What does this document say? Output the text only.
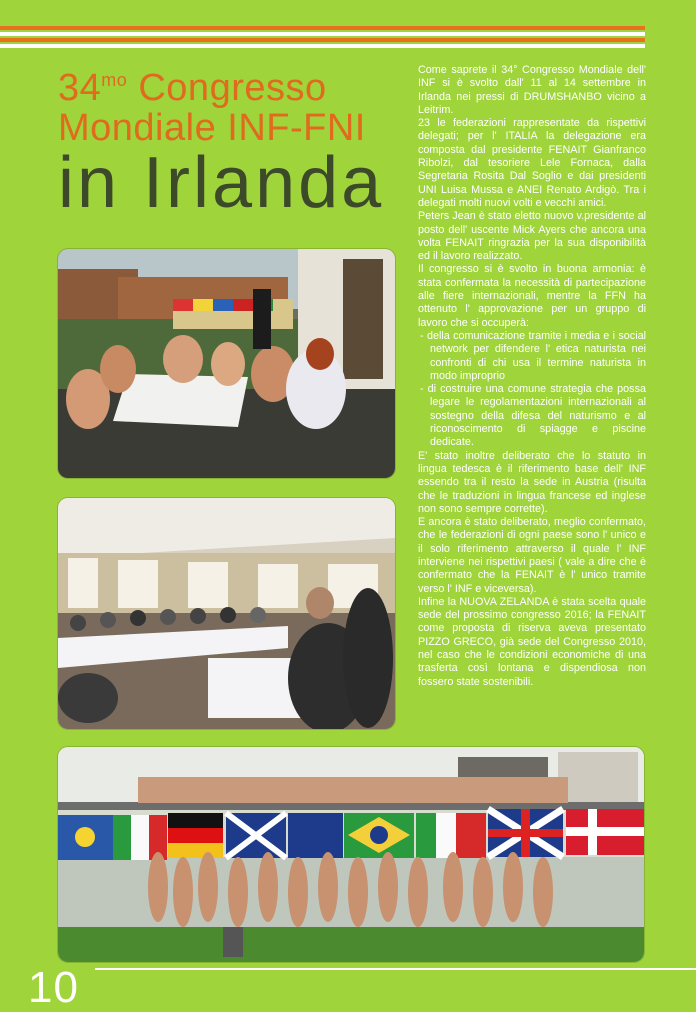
$34^{mo}$ Congresso
Mondiale INF-FNI
in Irlanda

Come saprete il 34° Congresso Mondiale dell' INF si è svolto dall' 11 al 14 settembre in Irlanda nei pressi di DRUMSHANBO vicino a Leitrim.

23 le federazioni rappresentate da rispettivi delegati; per l' ITALIA la delegazione era composta dal presidente FENAIT Gianfranco Ribolzi, dal tesoriere Lele Fornaca, dalla Segretaria Rosita Dal Soglio e dai presidenti UNI Luisa Mussa e ANEI Renato Ardigò. Tra i delegati molti nuovi volti e vecchi amici.

Peters Jean è stato eletto nuovo v.presidente al posto dell' uscente Mick Ayers che ancora una volta FENAIT ringrazia per la sua disponibilità ed il lavoro realizzato.

Il congresso si è svolto in buona armonia: è stata confermata la necessità di partecipazione alle fiere internazionali, mentre la FFN ha ottenuto l' approvazione per un gruppo di lavoro che si occuperà:

- della comunicazione tramite i media e i social network per difendere l' etica naturista nei confronti di chi usa il termine naturista in modo improprio
- di costruire una comune strategia che possa legare le regolamentazioni internazionali al sostegno della difesa del naturismo e al riconoscimento di spiagge e piscine dedicate.

E' stato inoltre deliberato che lo statuto in lingua tedesca è il riferimento base dell' INF essendo tra il resto la sede in Austria (risulta che le traduzioni in lingua francese ed inglese non sono sempre corrette).

E ancora è stato deliberato, meglio confermato, che le federazioni di ogni paese sono l' unico e il solo riferimento attraverso il quale l' INF interviene nei rispettivi paesi ( vale a dire che è confermato che la FENAIT è l' unico tramite verso l' INF e viceversa).

Infine la NUOVA ZELANDA è stata scelta quale sede del prossimo congresso 2016; la FENAIT come proposta di riserva aveva presentato PIZZO GRECO, già sede del Congresso 2010, nel caso che le condizioni economiche di una trasferta così lontana e dispendiosa non fossero state sostenibili.

10
